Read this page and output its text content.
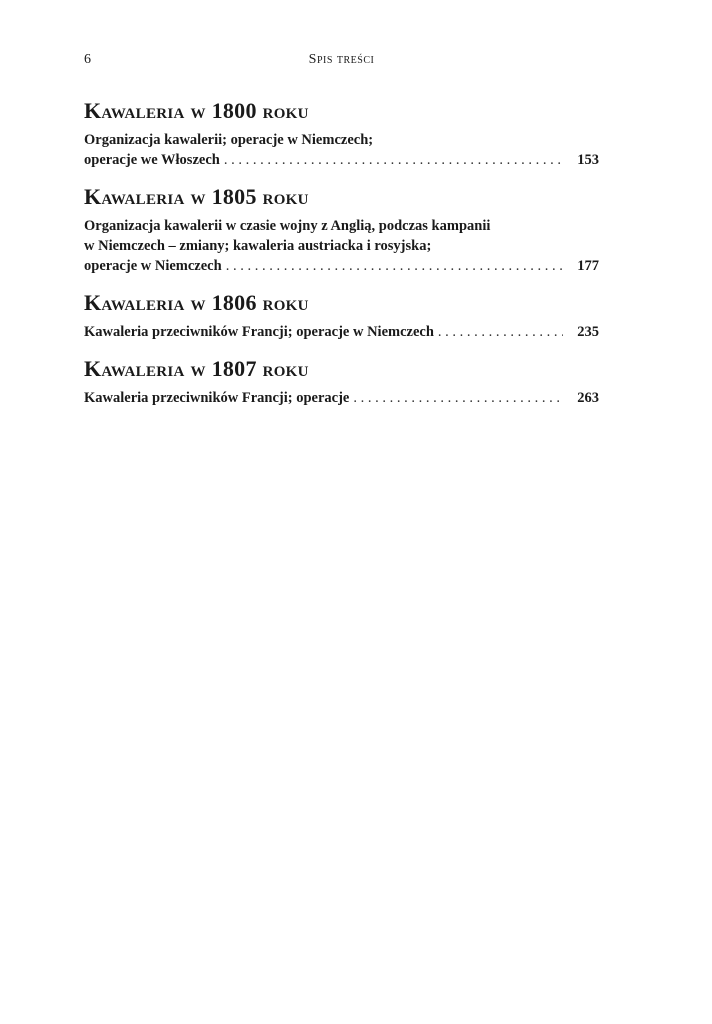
6	Spis treści
Kawaleria w 1800 roku
Organizacja kawalerii; operacje w Niemczech;
operacje we Włoszech . . .	153
Kawaleria w 1805 roku
Organizacja kawalerii w czasie wojny z Anglią, podczas kampanii
w Niemczech – zmiany; kawaleria austriacka i rosyjska;
operacje w Niemczech . . .	177
Kawaleria w 1806 roku
Kawaleria przeciwników Francji; operacje w Niemczech . . .	235
Kawaleria w 1807 roku
Kawaleria przeciwników Francji; operacje . . .	263
